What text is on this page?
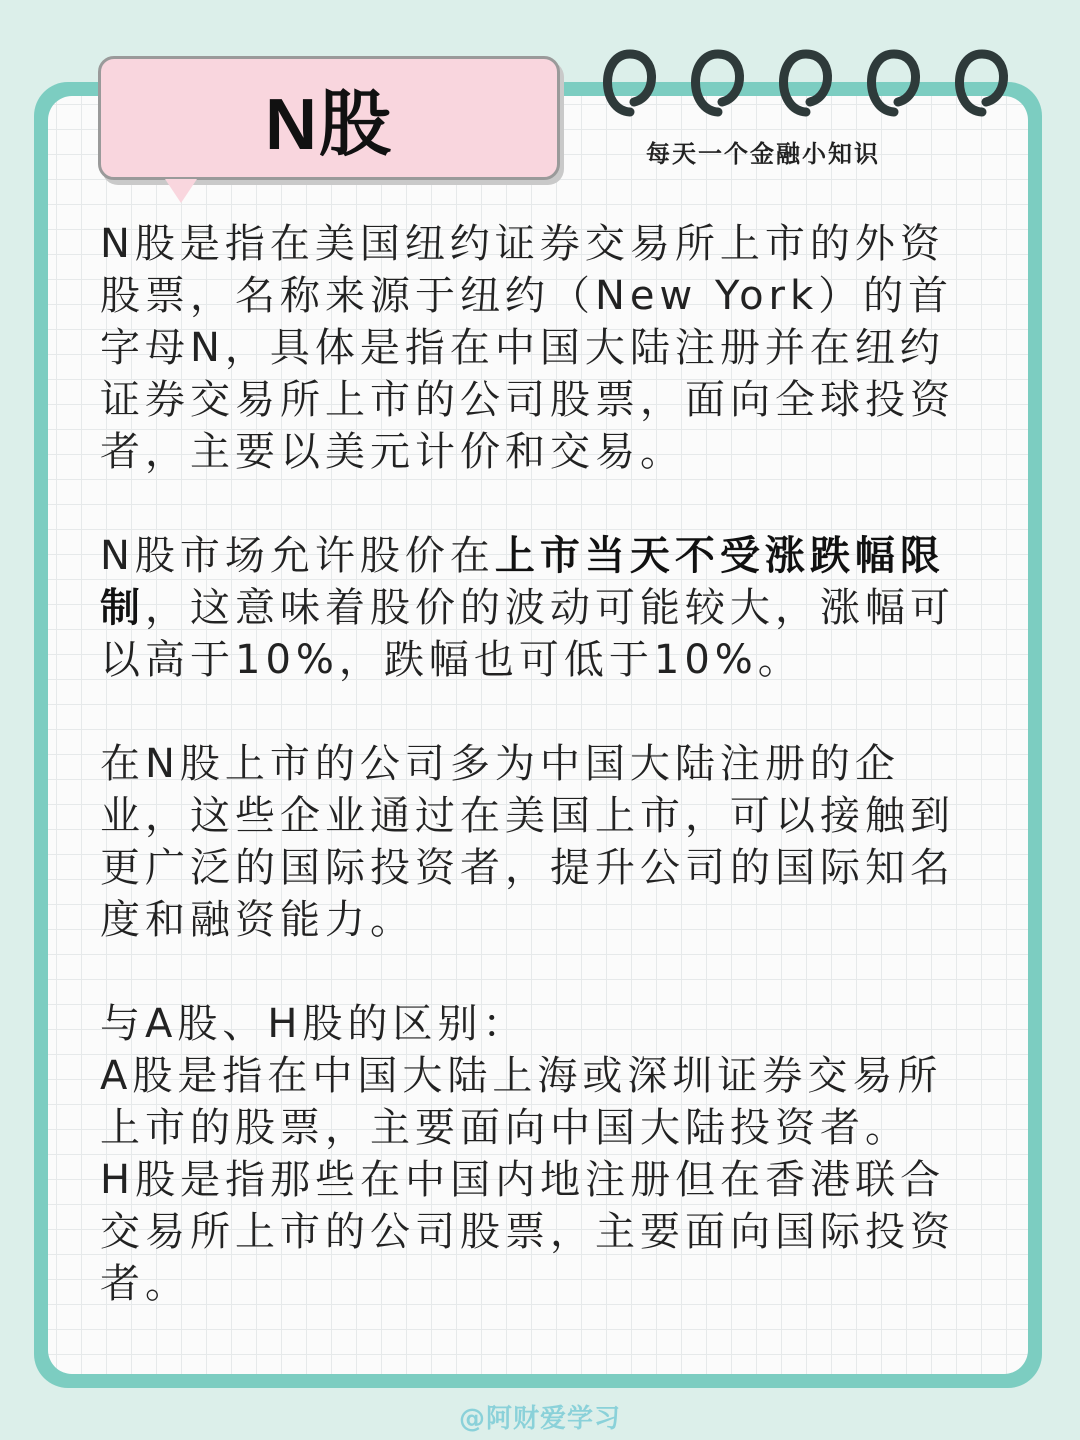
N股	每天一个金融小知识

N股是指在美国纽约证券交易所上市的外资股票，名称来源于纽约（New York）的首字母N，具体是指在中国大陆注册并在纽约证券交易所上市的公司股票，面向全球投资者，主要以美元计价和交易。

N股市场允许股价在上市当天不受涨跌幅限制，这意味着股价的波动可能较大，涨幅可以高于10%，跌幅也可低于10%。

在N股上市的公司多为中国大陆注册的企业，这些企业通过在美国上市，可以接触到更广泛的国际投资者，提升公司的国际知名度和融资能力。

与A股、H股的区别：

A股是指在中国大陆上海或深圳证券交易所上市的股票，主要面向中国大陆投资者。

H股是指那些在中国内地注册但在香港联合交易所上市的公司股票，主要面向国际投资者。

@阿财爱学习
